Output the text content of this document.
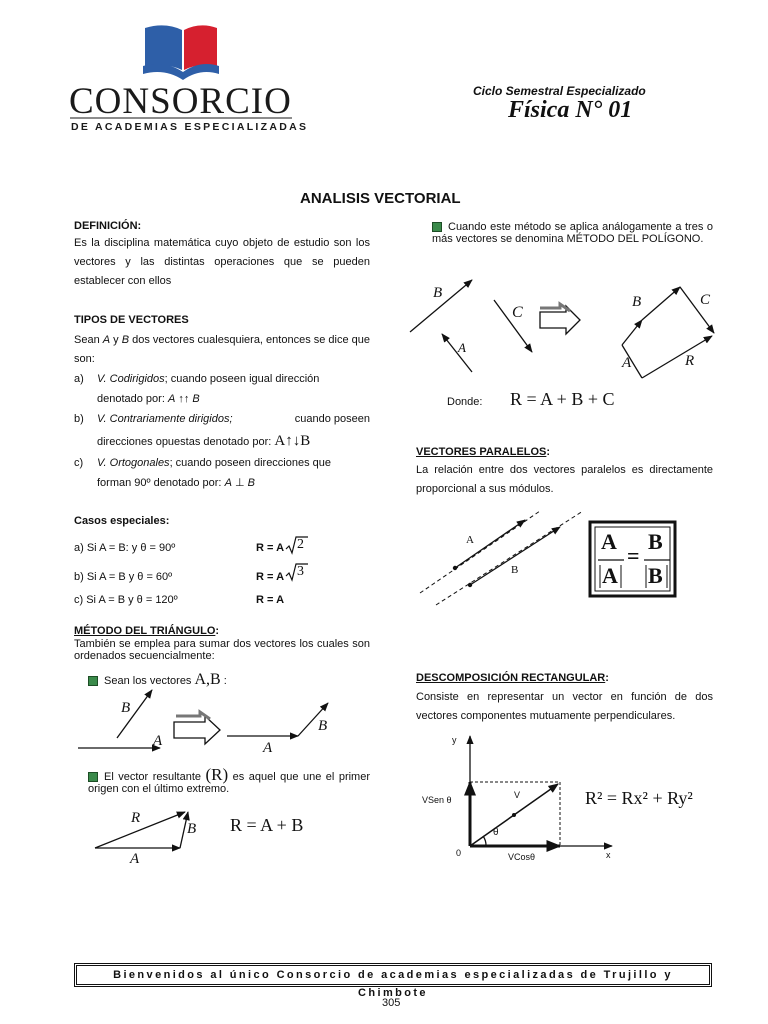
CONSORCIO
DE ACADEMIAS ESPECIALIZADAS
Ciclo Semestral Especializado
Física N° 01
ANALISIS VECTORIAL
DEFINICIÓN:
Es la disciplina matemática cuyo objeto de estudio son los vectores y las distintas operaciones que se pueden establecer con ellos
TIPOS DE VECTORES
Sean A y B dos vectores cualesquiera, entonces se dice que son:
a) V. Codirigidos; cuando poseen igual dirección
denotado por: A ↑↑ B
b) V. Contrariamente dirigidos;	cuando poseen
direcciones opuestas denotado por: A↑↓B
c) V. Ortogonales; cuando poseen direcciones que
forman 90º denotado por: A ⊥ B
Casos especiales:
a) Si A = B: y θ = 90º	R = A 2
b) Si A = B y θ = 60º	R = A 3
c) Si A = B y θ = 120º	R = A
MÉTODO DEL TRIÁNGULO:
También se emplea para sumar dos vectores los cuales son ordenados secuencialmente:
Sean los vectores A,B :
B
A	A
B
El vector resultante (R) es aquel que une el primer origen con el último extremo.
R
B
A
R = A + B
Cuando este método se aplica análogamente a tres o más vectores se denomina MÉTODO DEL POLÍGONO.
B
A
C
B	C
A	R
Donde: R = A + B + C
VECTORES PARALELOS:
La relación entre dos vectores paralelos es directamente proporcional a sus módulos.
A
B
A B
=
A B
DESCOMPOSICIÓN RECTANGULAR:
Consiste en representar un vector en función de dos vectores componentes mutuamente perpendiculares.
y
x
0
VSen θ
VCosθ
V
θ
R² = Rx² + Ry²
Bienvenidos al único Consorcio de academias especializadas de Trujillo y Chimbote
305
